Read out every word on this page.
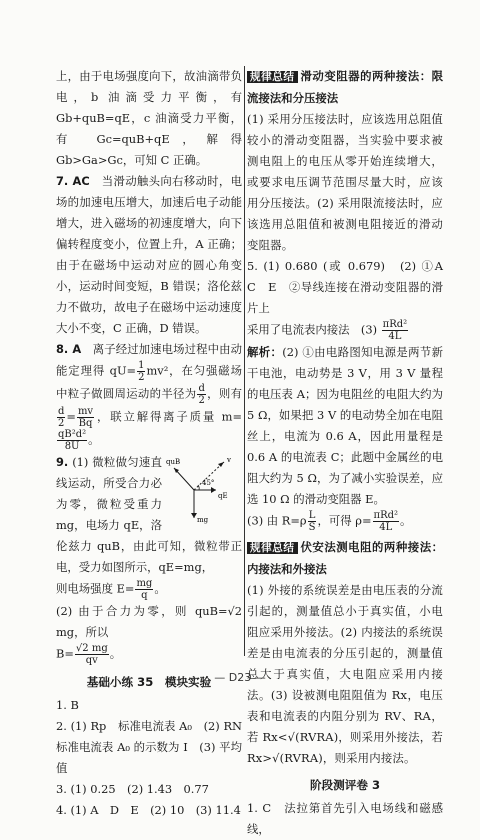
上，由于电场强度向下，故油滴带负电，b 油滴受力平衡，有 Gb+quB=qE，c 油滴受力平衡，有 Gc=quB+qE，解得 Gb>Ga>Gc，可知 C 正确。

7. AC　 当滑动触头向右移动时，电场的加速电压增大，加速后电子动能增大，进入磁场的初速度增大，向下偏转程度变小，位置上升，A 正确；由于在磁场中运动对应的圆心角变小，运动时间变短，B 错误；洛伦兹力不做功，故电子在磁场中运动速度大小不变，C 正确，D 错误。

8. A　 离子经过加速电场过程中由动能定理得 $qU= \frac{1}{2} mv^2$，在匀强磁场中粒子做圆周运动的半径为 $\frac{d}{2}$ ，则有
$\frac{d}{2} = \frac{mv}{Bq}$ ，联立解得离子质量 m=
$\frac{\text{qB²d²}}{8U}$ 。

quB
45°
qE
mg
v
9. (1) 微粒做匀速直线运动，所受合力必为零，微粒受重力 mg，电场力 qE，洛伦兹力 quB，由此可知，微粒带正电，受力如图所示，qE=mg，

则电场强度 $E= \frac{mg}{q}$ 。

(2) 由于合力为零，则 quB=√2 mg，所以

$B= \frac{√2 mg}{qv}$ 。

基础小练 35　模块实验

1. B

2. (1) Rp　标准电流表 A₀　(2) RN　标准电流表 A₀ 的示数为 I　(3) 平均值

3. (1) 0.25　(2) 1.43　0.77

4. (1) A　D　E　(2) 10　(3) 11.4

规律总结 滑动变阻器的两种接法：限流接法和分压接法

(1) 采用分压接法时，应该选用总阻值较小的滑动变阻器，当实验中要求被测电阻上的电压从零开始连续增大，或要求电压调节范围尽量大时，应该用分压接法。(2) 采用限流接法时，应该选用总阻值和被测电阻接近的滑动变阻器。

5. (1) 0.680 (或 0.679)　(2) ①A　C　E　②导线连接在滑动变阻器的滑片上

采用了电流表内接法　$(3) \frac{\text{πRd²}}{4L}$

解析：(2) ①由电路图知电源是两节新干电池，电动势是 3 V，用 3 V 量程的电压表 A；因为电阻丝的电阻大约为 5 Ω，如果把 3 V 的电动势全加在电阻丝上，电流为 0.6 A，因此用量程是 0.6 A 的电流表 C；此题中金属丝的电阻大约为 5 Ω，为了减小实验误差，应选 10 Ω 的滑动变阻器 E。

(3) 由 $R=\rho \frac{L}{S}$ ，可得 $\rho= \frac{\text{πRd²}}{4L}$ 。

规律总结 伏安法测电阻的两种接法：内接法和外接法

(1) 外接的系统误差是由电压表的分流引起的，测量值总小于真实值，小电阻应采用外接法。(2) 内接法的系统误差是由电流表的分压引起的，测量值总大于真实值，大电阻应采用内接法。(3) 设被测电阻阻值为 Rx，电压表和电流表的内阻分别为 RV、RA，若 Rx<√(RVRA)，则采用外接法，若 Rx>√(RVRA)，则采用内接法。

阶段测评卷 3

1. C　法拉第首先引入电场线和磁感线，

— D23 —
